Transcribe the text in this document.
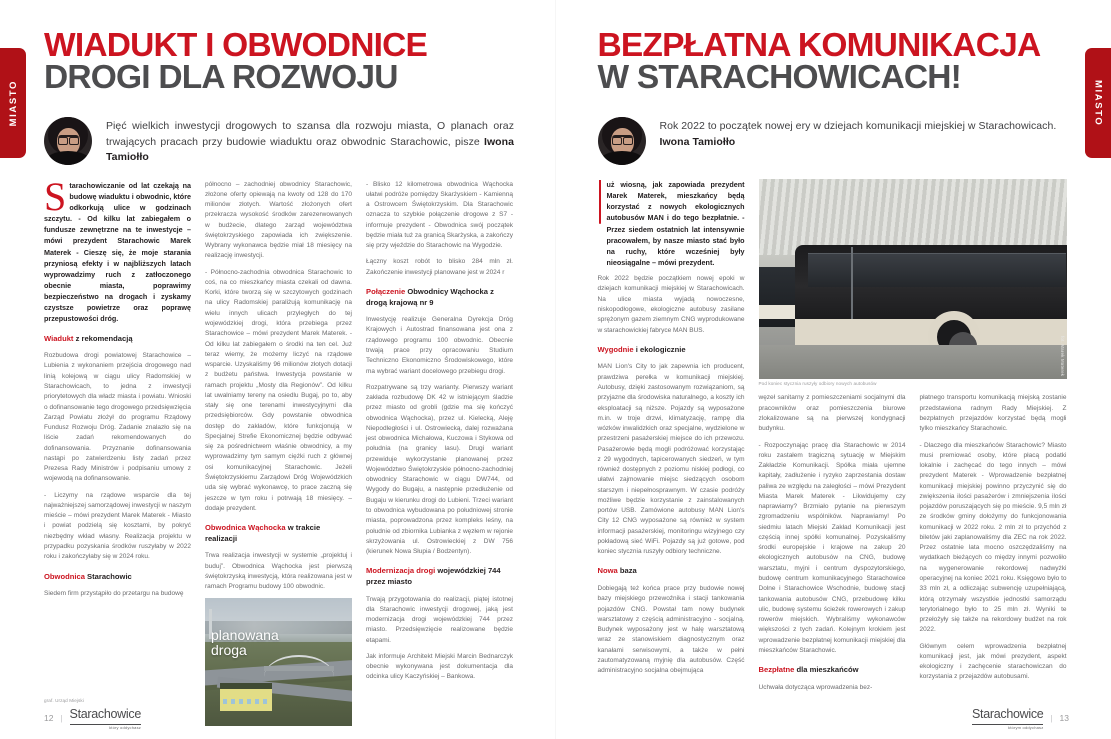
MIASTO
WIADUKT I OBWODNICE
DROGI DLA ROZWOJU
Pięć wielkich inwestycji drogowych to szansa dla rozwoju miasta, O planach oraz trwających pracach przy budowie wiaduktu oraz obwodnic Starachowic, pisze Iwona Tamiołło

Starachowiczanie od lat czekają na budowę wiaduktu i obwodnic, które odkorkują ulice w godzinach szczytu. - Od kilku lat zabiegałem o fundusze zewnętrzne na te inwestycje – mówi prezydent Starachowic Marek Materek - Cieszę się, że moje starania przyniosą efekty i w najbliższych latach wyprowadzimy ruch z zatłoczonego obecnie miasta, poprawimy bezpieczeństwo na drogach i zyskamy czystsze powietrze oraz poprawę przepustowości dróg.

Wiadukt z rekomendacją

Rozbudowa drogi powiatowej Starachowice – Lubienia z wykonaniem przejścia drogowego nad linią kolejową w ciągu ulicy Radomskiej w Starachowicach, to jedna z inwestycji priorytetowych dla władz miasta i powiatu. Wnioski o dofinansowanie tego drogowego przedsięwzięcia Zarząd Powiatu złożył do programu Rządowy Fundusz Rozwoju Dróg. Zadanie znalazło się na liście zadań rekomendowanych do dofinansowania. Przyznanie dofinansowania nastąpi po zatwierdzeniu listy zadań przez Prezesa Rady Ministrów i podpisaniu umowy z wojewodą na dofinansowanie.

- Liczymy na rządowe wsparcie dla tej najważniejszej samorządowej inwestycji w naszym mieście – mówi prezydent Marek Materek - Miasto i powiat podzielą się kosztami, by pokryć niezbędny wkład własny. Realizacja projektu w przypadku pozyskania środków ruszyłaby w 2022 roku i zakończyłaby się w 2024 roku.

Obwodnica Starachowic

Siedem firm przystąpiło do przetargu na budowę

północno – zachodniej obwodnicy Starachowic, złożone oferty opiewają na kwoty od 128 do 170 milionów złotych. Wartość złożonych ofert przekracza wysokość środków zarezerwowanych w budżecie, dlatego zarząd województwa świętokrzyskiego zapowiada ich zwiększenie. Wybrany wykonawca będzie miał 18 miesięcy na realizację inwestycji.

- Północno-zachodnia obwodnica Starachowic to coś, na co mieszkańcy miasta czekali od dawna. Korki, które tworzą się w szczytowych godzinach na ulicy Radomskiej paraliżują komunikację na wielu innych ulicach przyległych do tej wojewódzkiej drogi, która przebiega przez Starachowice – mówi prezydent Marek Materek. - Od kilku lat zabiegałem o środki na ten cel. Już teraz wiemy, że możemy liczyć na rządowe wsparcie. Uzyskaliśmy 96 milionów złotych dotacji z budżetu państwa. Inwestycja powstanie w ramach projektu „Mosty dla Regionów”. Od kilku lat uwalniamy tereny na osiedlu Bugaj, po to, aby stały się one terenami inwestycyjnymi dla przedsiębiorców. Gdy powstanie obwodnica dostęp do zakładów, które funkcjonują w Specjalnej Strefie Ekonomicznej będzie odbywać się za pośrednictwem właśnie obwodnicy, a my wyprowadzimy tym samym ciężki ruch z głównej osi komunikacyjnej Starachowic. Jeżeli Świętokrzyskiemu Zarządowi Dróg Wojewódzkich uda się wybrać wykonawcę, to prace zaczną się jeszcze w tym roku i potrwają 18 miesięcy. – dodaje prezydent.

Obwodnica Wąchocka w trakcie realizacji

Trwa realizacja inwestycji w systemie „projektuj i buduj”. Obwodnica Wąchocka jest pierwszą świętokrzyską inwestycją, która realizowana jest w ramach Programu budowy 100 obwodnic.

planowana
droga

- Blisko 12 kilometrowa obwodnica Wąchocka ułatwi podróże pomiędzy Skarżyskiem - Kamienną a Ostrowcem Świętokrzyskim. Dla Starachowic oznacza to szybkie połączenie drogowe z S7 - informuje prezydent - Obwodnica swój początek będzie miała tuż za granicą Skarżyska, a zakończy się przy wjeździe do Starachowic na Wygodzie.

Łączny koszt robót to blisko 284 mln zł. Zakończenie inwestycji planowane jest w 2024 r

Połączenie Obwodnicy Wąchocka z drogą krajową nr 9

Inwestycję realizuje Generalna Dyrekcja Dróg Krajowych i Autostrad finansowana jest ona z rządowego programu 100 obwodnic. Obecnie trwają prace przy opracowaniu Studium Techniczno Ekonomiczno Środowiskowego, które ma wybrać wariant docelowego przebiegu drogi.

Rozpatrywane są trzy warianty. Pierwszy wariant zakłada rozbudowę DK 42 w istniejącym śladzie przez miasto od grobli (gdzie ma się kończyć obwodnica Wąchocka), przez ul. Kielecką, Aleję Niepodległości i ul. Ostrowiecką, dalej rozważana jest obwodnica Michałowa, Kuczowa i Stykowa od południa (na granicy lasu). Drugi wariant przewiduje wykorzystanie planowanej przez Województwo Świętokrzyskie północno-zachodniej obwodnicy Starachowic w ciągu DW744, od Wygody do Bugaju, a następnie przedłużenie od Bugaju w kierunku drogi do Lubieni. Trzeci wariant to obwodnica wybudowana po południowej stronie miasta, poprowadzona przez kompleks leśny, na południe od zbiornika Lubianka z węzłem w rejonie skrzyżowania ul. Ostrowieckiej z DW 756 (kierunek Nowa Słupia / Bodzentyn).

Modernizacja drogi wojewódzkiej 744 przez miasto

Trwają przygotowania do realizacji, piątej istotnej dla Starachowic inwestycji drogowej, jaką jest modernizacja drogi wojewódzkiej 744 przez miasto. Przedsięwzięcie realizowane będzie etapami.

Jak informuje Architekt Miejski Marcin Bednarczyk obecnie wykonywana jest dokumentacja dla odcinka ulicy Kaczyńskiej – Bankowa.

graf. Urząd Miejski
12 | Starachowice
który oddychasz
MIASTO
BEZPŁATNA KOMUNIKACJA
W STARACHOWICACH!
Rok 2022 to początek nowej ery w dziejach komunikacji miejskiej w Starachowicach.
Iwona Tamiołło

uż wiosną, jak zapowiada prezydent Marek Materek, mieszkańcy będą korzystać z nowych ekologicznych autobusów MAN i do tego bezpłatnie. - Przez siedem ostatnich lat intensywnie pracowałem, by nasze miasto stać było na ruchy, które wcześniej były nieosiągalne – mówi prezydent.

Rok 2022 będzie początkiem nowej epoki w dziejach komunikacji miejskiej w Starachowicach. Na ulice miasta wyjadą nowoczesne, niskopodłogowe, ekologiczne autobusy zasilane sprężonym gazem ziemnym CNG wyprodukowane w starachowickiej fabryce MAN BUS.

Wygodnie i ekologicznie

MAN Lion's City to jak zapewnia ich producent, prawdziwa perełka w komunikacji miejskiej. Autobusy, dzięki zastosowanym rozwiązaniom, są przyjazne dla środowiska naturalnego, a koszty ich eksploatacji są niższe. Pojazdy są wyposażone m.in. w troje drzwi, klimatyzację, rampę dla wózków inwalidzkich oraz specjalne, wydzielone w przestrzeni pasażerskiej miejsce do ich przewozu. Pasażerowie będą mogli podróżować korzystając z 29 wygodnych, tapicerowanych siedzeń, w tym również dostępnych z poziomu niskiej podłogi, co ułatwi zajmowanie miejsc siedzących osobom starszym i niepełnosprawnym. W czasie podróży możliwe będzie korzystanie z zainstalowanych portów USB. Zamówione autobusy MAN Lion's City 12 CNG wyposażone są również w system informacji pasażerskiej, monitoringu wizyjnego czy pokładową sieć WiFi. Pojazdy są już gotowe, pod koniec stycznia ruszyły odbiory techniczne.

Nowa baza

Dobiegają też końca prace przy budowie nowej bazy miejskiego przewoźnika i stacji tankowania pojazdów CNG. Powstał tam nowy budynek warsztatowy z częścią administracyjno - socjalną. Budynek wyposażony jest w halę warsztatową wraz ze stanowiskiem diagnostycznym oraz kanałami serwisowymi, a także w pełni zautomatyzowaną myjnię dla autobusów. Część administracyjno socjalna obejmująca

fot. Marek Materek
Pod koniec stycznia ruszyły odbiory nowych autobusów

węzeł sanitarny z pomieszczeniami socjalnymi dla pracowników oraz pomieszczenia biurowe zlokalizowane są na pierwszej kondygnacji budynku.

- Rozpoczynając pracę dla Starachowic w 2014 roku zastałem tragiczną sytuację w Miejskim Zakładzie Komunikacji. Spółka miała ujemne kapitały, zadłużenie i ryzyko zaprzestania dostaw paliwa ze względu na zaległości – mówi Prezydent Miasta Marek Materek - Likwidujemy czy naprawiamy? Brzmiało pytanie na pierwszym zgromadzeniu wspólników. Naprawiamy! Po siedmiu latach Miejski Zakład Komunikacji jest częścią innej spółki komunalnej. Pozyskaliśmy środki europejskie i krajowe na zakup 20 ekologicznych autobusów na CNG, budowę warsztatu, myjni i centrum dyspozytorskiego, budowę centrum komunikacyjnego Starachowice Dolne i Starachowice Wschodnie, budowę stacji tankowania autobusów CNG, przebudowę kilku ulic, budowę systemu ścieżek rowerowych i zakup rowerów miejskich. Wybraliśmy wykonawców większości z tych zadań. Kolejnym krokiem jest wprowadzenie bezpłatnej komunikacji miejskiej dla mieszkańców Starachowic.

Bezpłatne dla mieszkańców

Uchwała dotycząca wprowadzenia bez-

płatnego transportu komunikacją miejską zostanie przedstawiona radnym Rady Miejskiej. Z bezpłatnych przejazdów korzystać będą mogli tylko mieszkańcy Starachowic.

- Dlaczego dla mieszkańców Starachowic? Miasto musi premiować osoby, które płacą podatki lokalnie i zachęcać do tego innych – mówi prezydent Materek - Wprowadzenie bezpłatnej komunikacji miejskiej powinno przyczynić się do zwiększenia ilości pasażerów i zmniejszenia ilości pojazdów poruszających się po mieście. 9,5 mln zł ze środków gminy dołożymy do funkcjonowania komunikacji w 2022 roku. 2 mln zł to przychód z biletów jaki zaplanowaliśmy dla ZEC na rok 2022. Przez ostatnie lata mocno oszczędzaliśmy na wydatkach bieżących co między innymi pozwoliło na wygenerowanie rekordowej nadwyżki operacyjnej na koniec 2021 roku. Księgowo było to 33 mln zł, a odliczając subwencję uzupełniającą, którą otrzymały wszystkie jednostki samorządu terytorialnego było to 25 mln zł. Wyniki te przełożyły się także na rekordowy budżet na rok 2022.

Głównym celem wprowadzenia bezpłatnej komunikacji jest, jak mówi prezydent, aspekt ekologiczny i zachęcenie starachowiczan do korzystania z przejazdów autobusami.

Starachowice
którym oddychasz
| 13
